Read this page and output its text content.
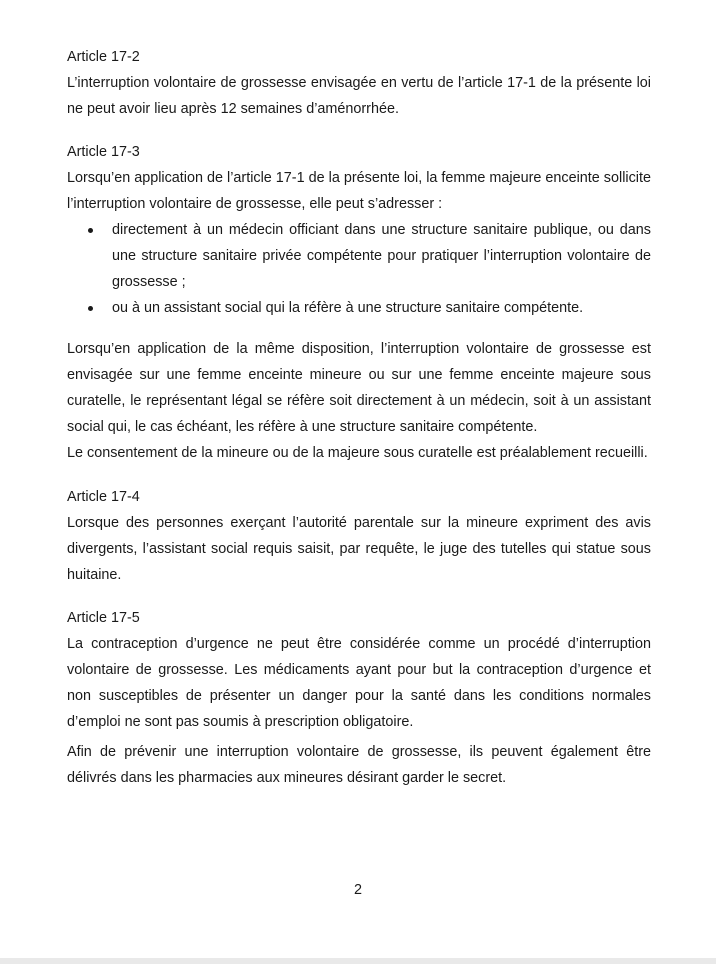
Article 17-2

L’interruption volontaire de grossesse envisagée en vertu de l’article 17-1 de la présente loi ne peut avoir lieu après 12 semaines d’aménorrhée.

Article 17-3

Lorsqu’en application de l’article 17-1 de la présente loi, la femme majeure enceinte sollicite l’interruption volontaire de grossesse, elle peut s’adresser :

directement à un médecin officiant dans une structure sanitaire publique, ou dans une structure sanitaire privée compétente pour pratiquer l’interruption volontaire de grossesse ;
ou à un assistant social qui la réfère à une structure sanitaire compétente.

Lorsqu’en application de la même disposition, l’interruption volontaire de grossesse est envisagée sur une femme enceinte mineure ou sur une femme enceinte majeure sous curatelle, le représentant légal se réfère soit directement à un médecin, soit à un assistant social qui, le cas échéant, les réfère à une structure sanitaire compétente.

Le consentement de la mineure ou de la majeure sous curatelle est préalablement recueilli.

Article 17-4

Lorsque des personnes exerçant l’autorité parentale sur la mineure expriment des avis divergents, l’assistant social requis saisit, par requête, le juge des tutelles qui statue sous huitaine.

Article 17-5

La contraception d’urgence ne peut être considérée comme un procédé d’interruption volontaire de grossesse. Les médicaments ayant pour but la contraception d’urgence et non susceptibles de présenter un danger pour la santé dans les conditions normales d’emploi ne sont pas soumis à prescription obligatoire.

Afin de prévenir une interruption volontaire de grossesse, ils peuvent également être délivrés dans les pharmacies aux mineures désirant garder le secret.

2
